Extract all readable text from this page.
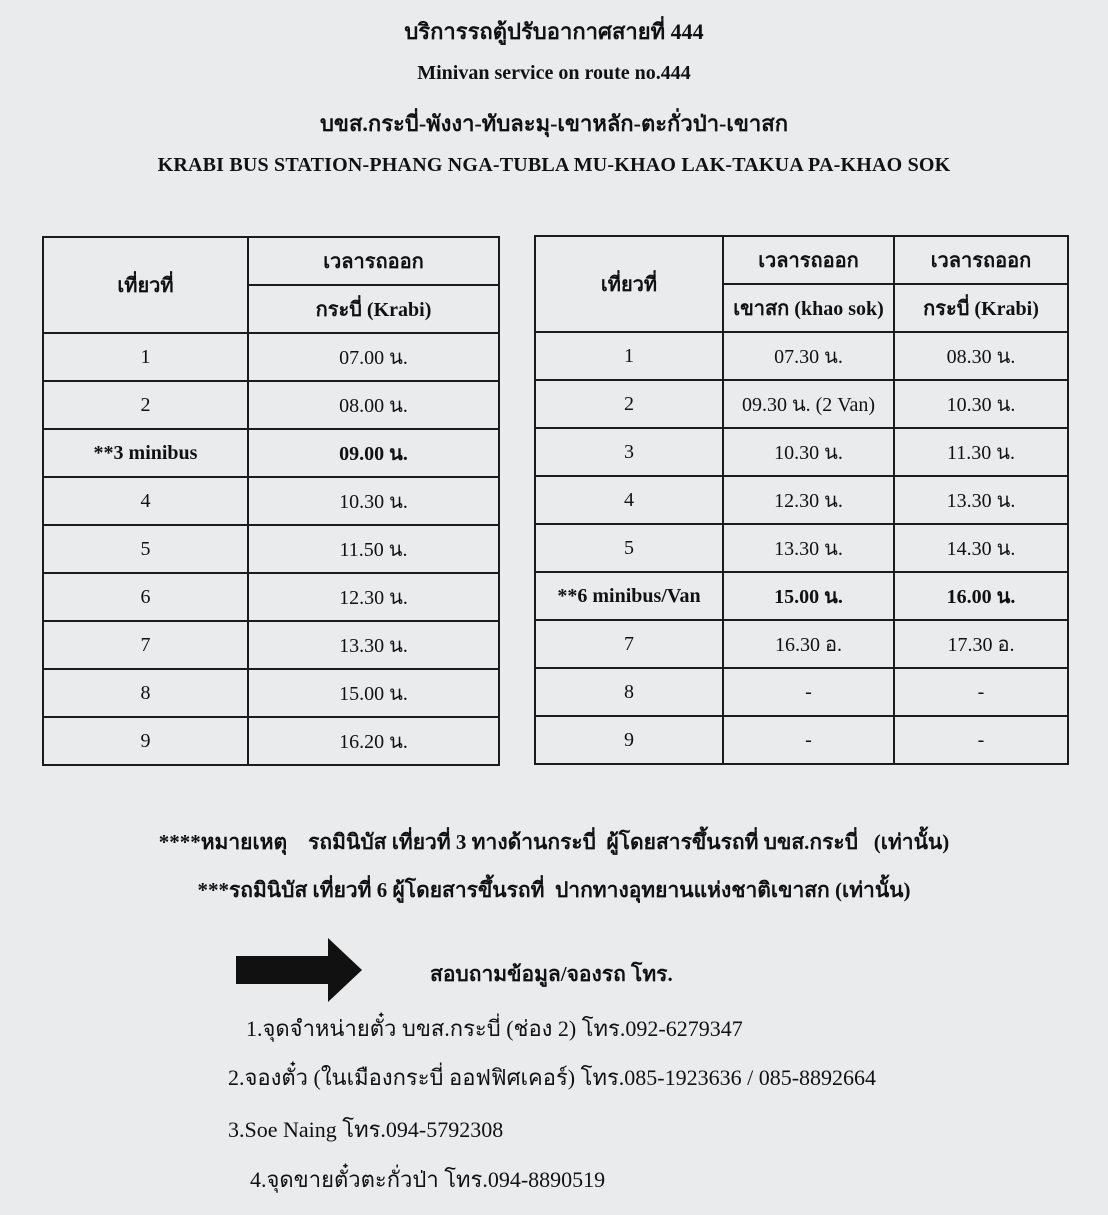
บริการรถตู้ปรับอากาศสายที่ 444
Minivan service on route no.444
บขส.กระบี่-พังงา-ทับละมุ-เขาหลัก-ตะกั่วป่า-เขาสก
KRABI BUS STATION-PHANG NGA-TUBLA MU-KHAO LAK-TAKUA PA-KHAO SOK
เที่ยวที่	เวลารถออก
	กระบี่ (Krabi)
1	07.00 น.
2	08.00 น.
**3 minibus	09.00 น.
4	10.30 น.
5	11.50 น.
6	12.30 น.
7	13.30 น.
8	15.00 น.
9	16.20 น.
เที่ยวที่	เวลารถออก	เวลารถออก
	เขาสก (khao sok)	กระบี่ (Krabi)
1	07.30 น.	08.30 น.
2	09.30 น. (2 Van)	10.30 น.
3	10.30 น.	11.30 น.
4	12.30 น.	13.30 น.
5	13.30 น.	14.30 น.
**6 minibus/Van	15.00 น.	16.00 น.
7	16.30 อ.	17.30 อ.
8	-	-
9	-	-
****หมายเหตุ    รถมินิบัส เที่ยวที่ 3 ทางด้านกระบี่  ผู้โดยสารขึ้นรถที่ บขส.กระบี่   (เท่านั้น)
***รถมินิบัส เที่ยวที่ 6 ผู้โดยสารขึ้นรถที่  ปากทางอุทยานแห่งชาติเขาสก (เท่านั้น)
สอบถามข้อมูล/จองรถ โทร.
1.จุดจำหน่ายตั๋ว บขส.กระบี่ (ช่อง 2) โทร.092-6279347
2.จองตั๋ว (ในเมืองกระบี่ ออฟฟิศเคอร์) โทร.085-1923636 / 085-8892664
3.Soe Naing โทร.094-5792308
4.จุดขายตั๋วตะกั่วป่า โทร.094-8890519
